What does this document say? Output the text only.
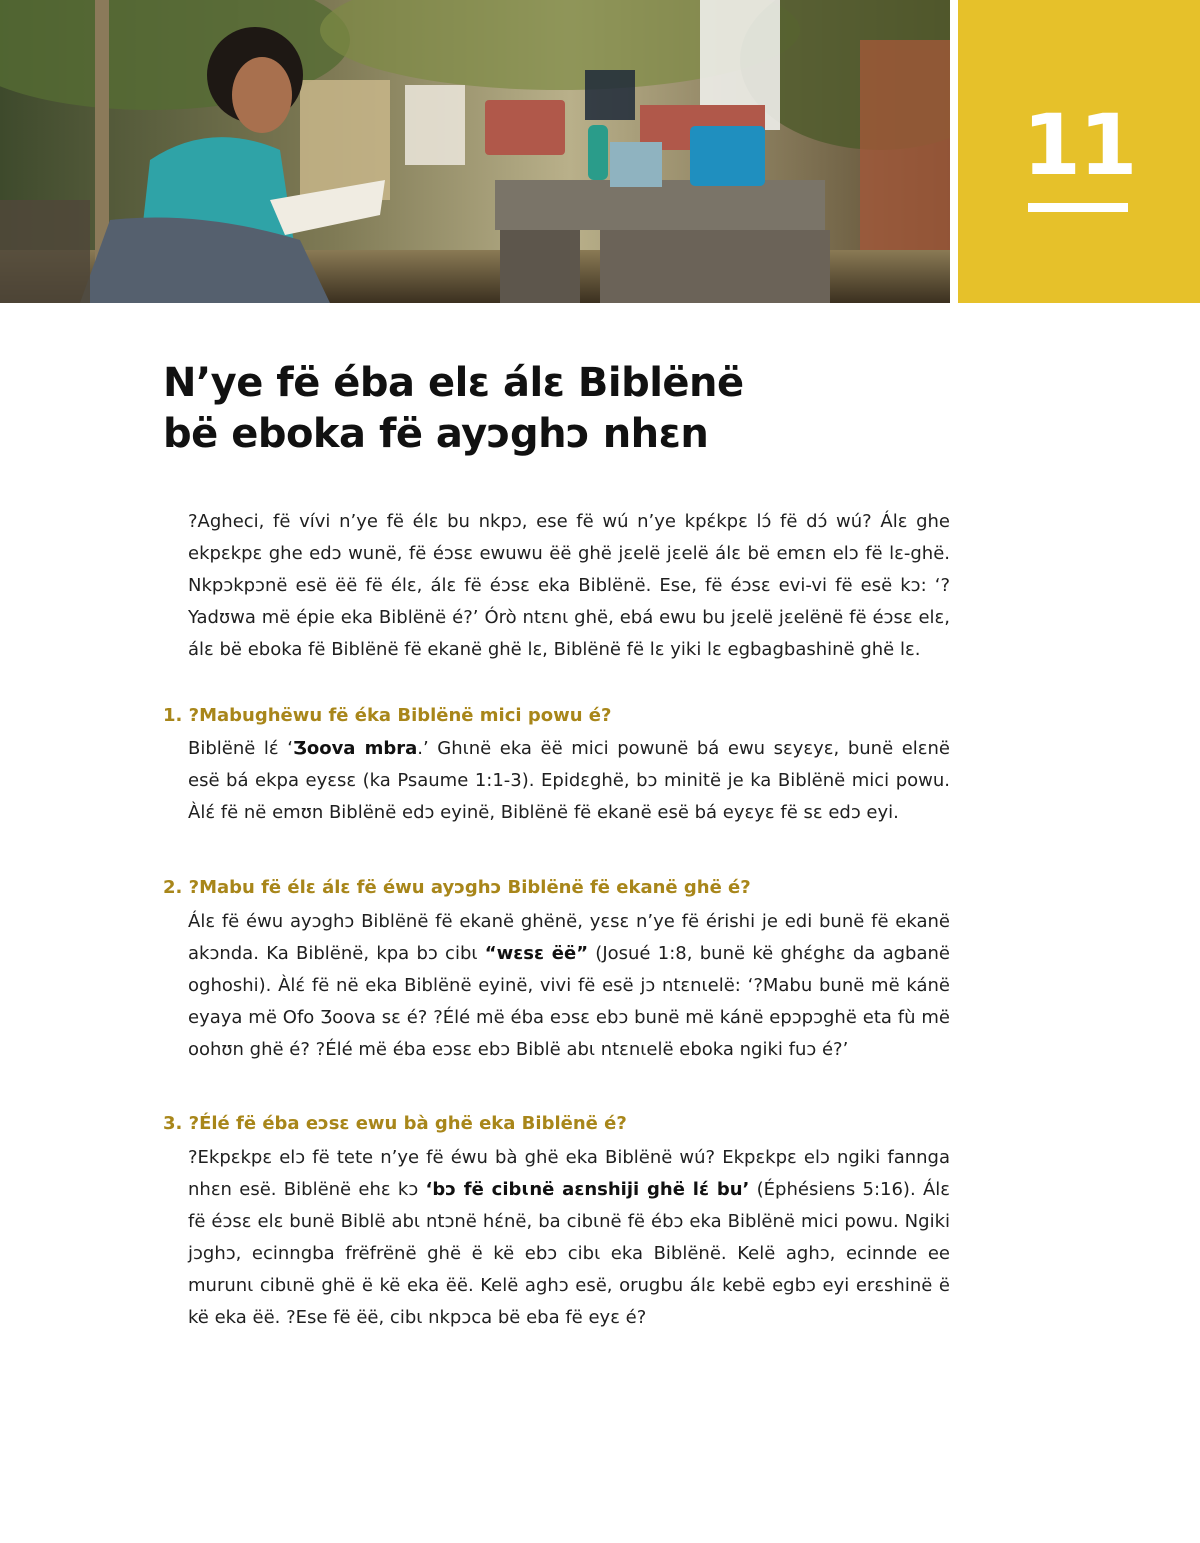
11
N’ye fë éba elɛ álɛ Biblënë
bë eboka fë ayɔghɔ nhɛn

?Agheci, fë vívi n’ye fë élɛ bu nkpɔ, ese fë wú n’ye kpɛ́kpɛ lɔ́ fë dɔ́ wú? Álɛ ghe ekpɛkpɛ ghe edɔ wunë, fë éɔsɛ ewuwu ëë ghë jɛelë jɛelë álɛ bë emɛn elɔ fë lɛ-ghë. Nkpɔkpɔnë esë ëë fë élɛ, álɛ fë éɔsɛ eka Biblënë. Ese, fë éɔsɛ evi-vi fë esë kɔ: ‘?Yadʊwa më épie eka Biblënë é?’ Órò ntɛnɩ ghë, ebá ewu bu jɛelë jɛelënë fë éɔsɛ elɛ, álɛ bë eboka fë Biblënë fë ekanë ghë lɛ, Biblënë fë lɛ yiki lɛ egbagbashinë ghë lɛ.

1. ?Mabughëwu fë éka Biblënë mici powu é?

Biblënë lɛ́ ‘Ʒoova mbra.’ Ghɩnë eka ëë mici powunë bá ewu sɛyɛyɛ, bunë elɛnë esë bá ekpa eyɛsɛ (ka Psaume 1:1-3). Epidɛghë, bɔ minitë je ka Biblënë mici powu. Àlɛ́ fë në emʊn Biblënë edɔ eyinë, Biblënë fë ekanë esë bá eyɛyɛ fë sɛ edɔ eyi.

2. ?Mabu fë élɛ álɛ fë éwu ayɔghɔ Biblënë fë ekanë ghë é?

Álɛ fë éwu ayɔghɔ Biblënë fë ekanë ghënë, yɛsɛ n’ye fë érishi je edi bunë fë ekanë akɔnda. Ka Biblënë, kpa bɔ cibɩ “wɛsɛ ëë” (Josué 1:8, bunë kë ghɛ́ghɛ da agbanë oghoshi). Àlɛ́ fë në eka Biblënë eyinë, vivi fë esë jɔ ntɛnɩelë: ‘?Mabu bunë më kánë eyaya më Ofo Ʒoova sɛ é? ?Élé më éba eɔsɛ ebɔ bunë më kánë epɔpɔghë eta fù më oohʊn ghë é? ?Élé më éba eɔsɛ ebɔ Biblë abɩ ntɛnɩelë eboka ngiki fuɔ é?’

3. ?Élé fë éba eɔsɛ ewu bà ghë eka Biblënë é?

?Ekpɛkpɛ elɔ fë tete n’ye fë éwu bà ghë eka Biblënë wú? Ekpɛkpɛ elɔ ngiki fannga nhɛn esë. Biblënë ehɛ kɔ ‘bɔ fë cibɩnë aɛnshiji ghë lɛ́ bu’ (Éphésiens 5:16). Álɛ fë éɔsɛ elɛ bunë Biblë abɩ ntɔnë hɛ́në, ba cibɩnë fë ébɔ eka Biblënë mici powu. Ngiki jɔghɔ, ecinngba frëfrënë ghë ë kë ebɔ cibɩ eka Biblënë. Kelë aghɔ, ecinnde ee murunɩ cibɩnë ghë ë kë eka ëë. Kelë aghɔ esë, orugbu álɛ kebë egbɔ eyi erɛshinë ë kë eka ëë. ?Ese fë ëë, cibɩ nkpɔca bë eba fë eyɛ é?
